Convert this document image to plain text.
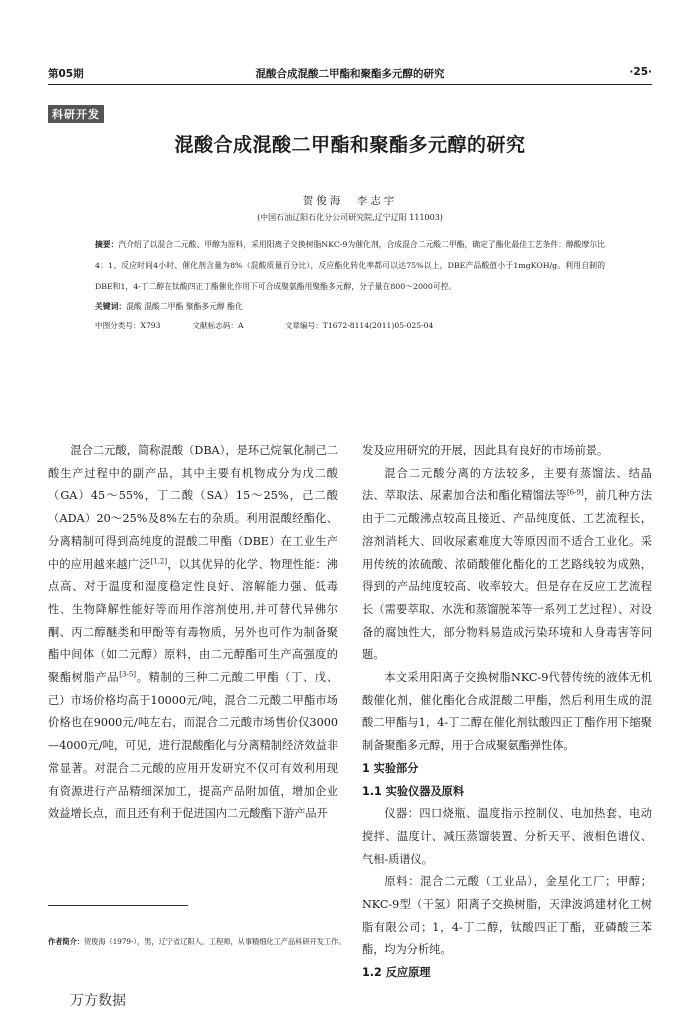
第05期	混酸合成混酸二甲酯和聚酯多元醇的研究	·25·
科研开发
混酸合成混酸二甲酯和聚酯多元醇的研究
贺俊海　李志宇
(中国石油辽阳石化分公司研究院,辽宁辽阳 111003)
摘要：汽介绍了以混合二元酸、甲醇为原料，采用阳离子交换树脂NKC-9为催化剂，合成混合二元酸二甲酯，确定了酯化最佳工艺条件：醇酸摩尔比4：1、反应时间4小时、催化剂含量为8%（混酸质量百分比），反应酯化转化率都可以达75%以上，DBE产品酸值小于1mgKOH/g。利用自制的DBE和1，4-丁二醇在钛酸四正丁酯催化作用下可合成聚氨酯用聚酯多元醇，分子量在800～2000可控。
关键词：混酸 混酸二甲酯 聚酯多元醇 酯化
中图分类号：X793	文献标志码：A	文章编号：T1672-8114(2011)05-025-04

混合二元酸，简称混酸（DBA），是环己烷氧化制己二酸生产过程中的副产品，其中主要有机物成分为戊二酸（GA）45～55%，丁二酸（SA）15～25%，己二酸（ADA）20～25%及8%左右的杂质。利用混酸经酯化、分离精制可得到高纯度的混酸二甲酯（DBE）在工业生产中的应用越来越广泛[1,2]，以其优异的化学、物理性能：沸点高、对于温度和湿度稳定性良好、溶解能力强、低毒性、生物降解性能好等而用作溶剂使用,并可替代异佛尔酮、丙二醇醚类和甲酚等有毒物质，另外也可作为制备聚酯中间体（如二元醇）原料，由二元醇酯可生产高强度的聚酯树脂产品[3-5]。精制的三种二元酸二甲酯（丁、戊、己）市场价格均高于10000元/吨，混合二元酸二甲酯市场价格也在9000元/吨左右，而混合二元酸市场售价仅3000—4000元/吨，可见，进行混酸酯化与分离精制经济效益非常显著。对混合二元酸的应用开发研究不仅可有效利用现有资源进行产品精细深加工，提高产品附加值，增加企业效益增长点，而且还有利于促进国内二元酸酯下游产品开

发及应用研究的开展，因此具有良好的市场前景。

混合二元酸分离的方法较多，主要有蒸馏法、结晶法、萃取法、尿素加合法和酯化精馏法等[6-9]，前几种方法由于二元酸沸点较高且接近、产品纯度低、工艺流程长，溶剂消耗大、回收尿素难度大等原因而不适合工业化。采用传统的浓硫酸、浓硝酸催化酯化的工艺路线较为成熟，得到的产品纯度较高、收率较大。但是存在反应工艺流程长（需要萃取、水洗和蒸馏脱苯等一系列工艺过程）、对设备的腐蚀性大，部分物料易造成污染环境和人身毒害等问题。

本文采用阳离子交换树脂NKC-9代替传统的液体无机酸催化剂，催化酯化合成混酸二甲酯，然后利用生成的混酸二甲酯与1，4-丁二醇在催化剂钛酸四正丁酯作用下缩聚制备聚酯多元醇，用于合成聚氨酯弹性体。

1 实验部分
1.1 实验仪器及原料

仪器：四口烧瓶、温度指示控制仪、电加热套、电动搅拌、温度计、减压蒸馏装置、分析天平、液相色谱仪、气相-质谱仪。

原料：混合二元酸（工业品），金星化工厂；甲醇；NKC-9型（干氢）阳离子交换树脂，天津波鸿建材化工树脂有限公司；1，4-丁二醇，钛酸四正丁酯，亚磷酸三苯酯，均为分析纯。

1.2 反应原理
作者简介：贺俊海（1979-），男，辽宁省辽阳人，工程师，从事精细化工产品科研开发工作。
万方数据
